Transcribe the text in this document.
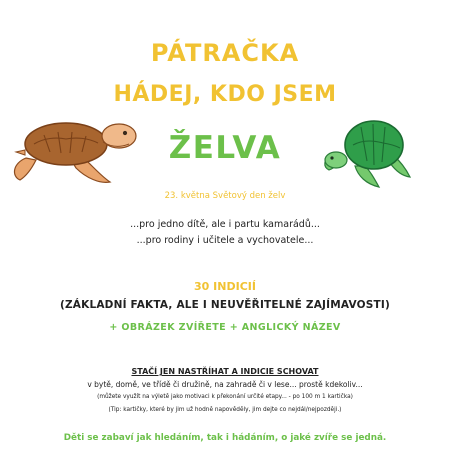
PÁTRAČKA
HÁDEJ, KDO JSEM
ŽELVA
23. května Světový den želv
...pro jedno dítě, ale i partu kamarádů...
...pro rodiny i učitele a vychovatele...
30 INDICIÍ
(ZÁKLADNÍ FAKTA, ALE I NEUVĚŘITELNÉ ZAJÍMAVOSTI)
+ OBRÁZEK ZVÍŘETE + ANGLICKÝ NÁZEV
STAČÍ JEN NASTŘÍHAT A INDICIE SCHOVAT
v bytě, domě, ve třídě či družině, na zahradě či v lese... prostě kdekoliv...
(můžete využít na výletě jako motivaci k překonání určité etapy... - po 100 m 1 kartička)
(Tip: kartičky, které by jim už hodně napověděly, jim dejte co nejdál/nejpozději.)
Děti se zabaví jak hledáním, tak i hádáním, o jaké zvíře se jedná.
